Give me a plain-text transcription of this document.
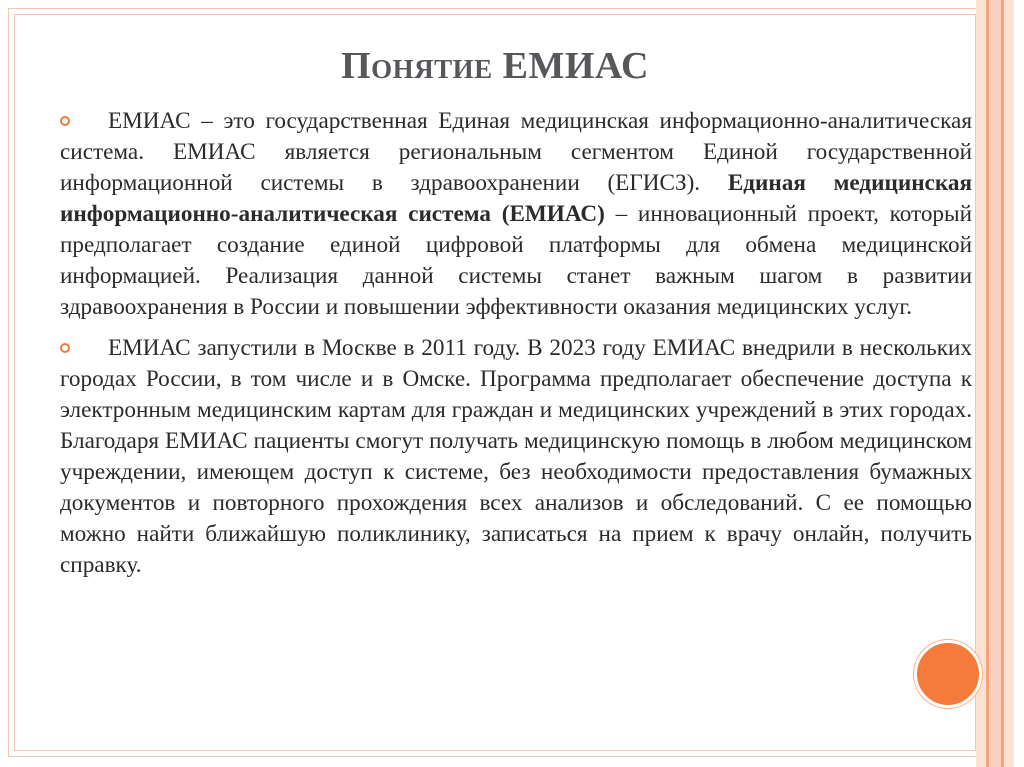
Понятие ЕМИАС

ЕМИАС – это государственная Единая медицинская информационно-аналитическая система. ЕМИАС является региональным сегментом Единой государственной информационной системы в здравоохранении (ЕГИСЗ). Единая медицинская информационно-аналитическая система (ЕМИАС) – инновационный проект, который предполагает создание единой цифровой платформы для обмена медицинской информацией. Реализация данной системы станет важным шагом в развитии здравоохранения в России и повышении эффективности оказания медицинских услуг.

ЕМИАС запустили в Москве в 2011 году. В 2023 году ЕМИАС внедрили в нескольких городах России, в том числе и в Омске. Программа предполагает обеспечение доступа к электронным медицинским картам для граждан и медицинских учреждений в этих городах. Благодаря ЕМИАС пациенты смогут получать медицинскую помощь в любом медицинском учреждении, имеющем доступ к системе, без необходимости предоставления бумажных документов и повторного прохождения всех анализов и обследований. С ее помощью можно найти ближайшую поликлинику, записаться на прием к врачу онлайн, получить справку.
